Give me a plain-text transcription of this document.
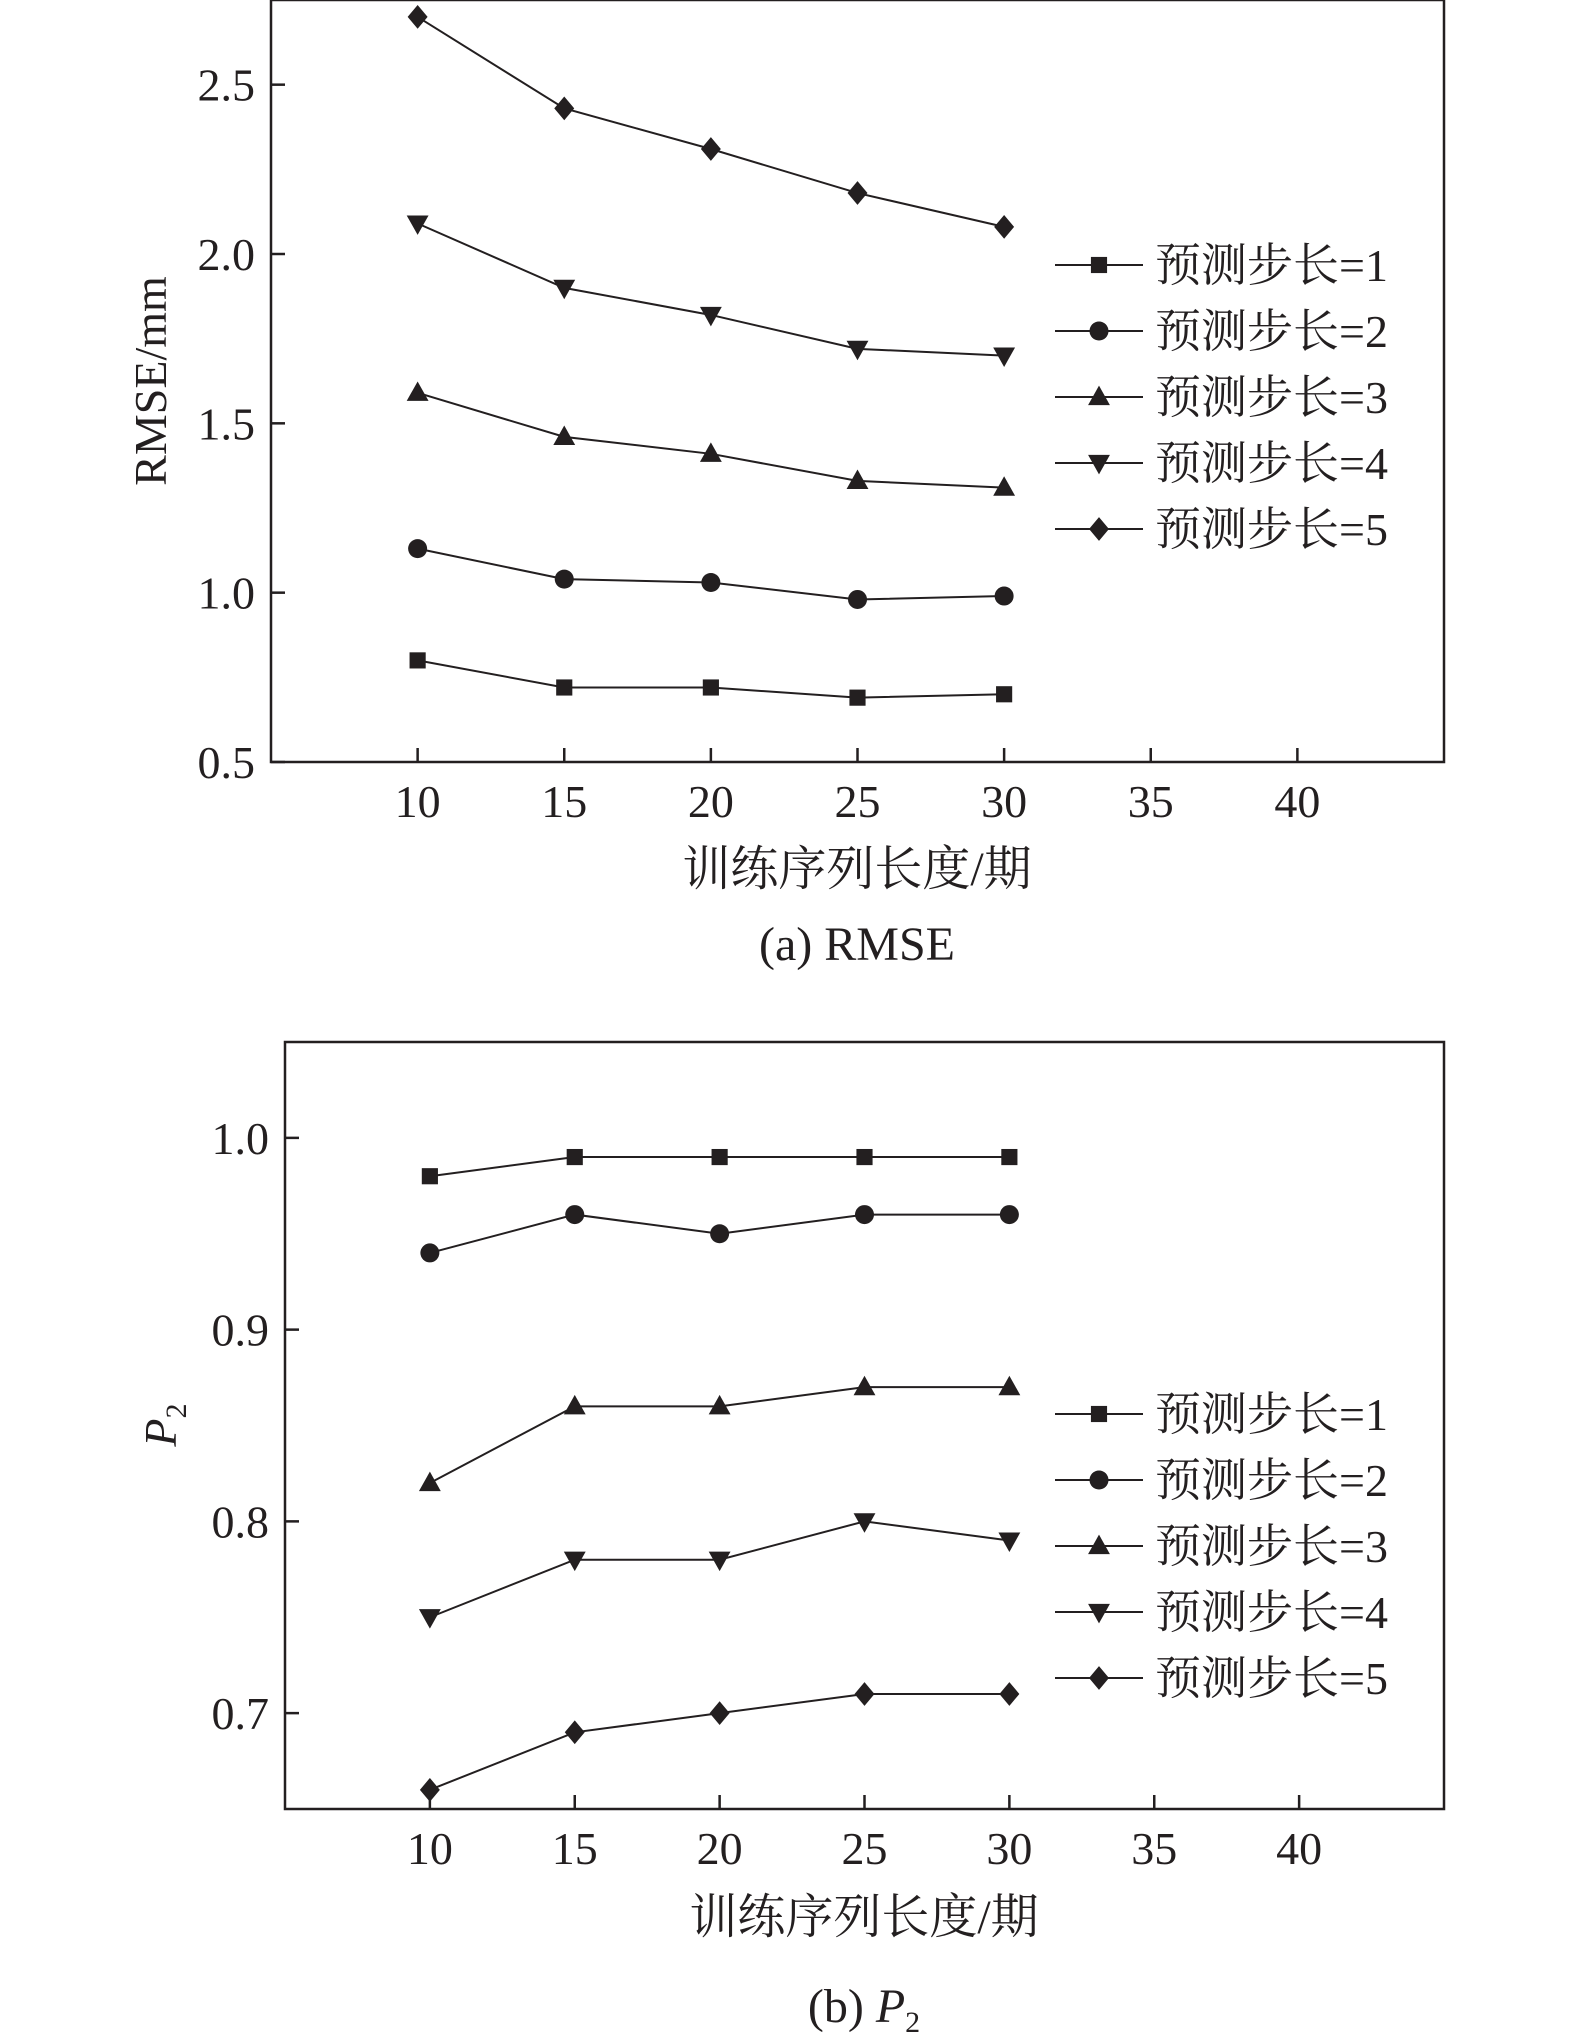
10 15 20 25 30 35 40
0.5
1.0
1.5
2.0
2.5
预测步长=1
预测步长=2
预测步长=3
预测步长=4
预测步长=5
训练序列长度/期
RMSE/mm
(a) RMSE
10 15 20 25 30 35 40
0.7
0.8
0.9
1.0
预测步长=1
预测步长=2
预测步长=3
预测步长=4
预测步长=5
训练序列长度/期
$P_2$
(b) $P_2$
